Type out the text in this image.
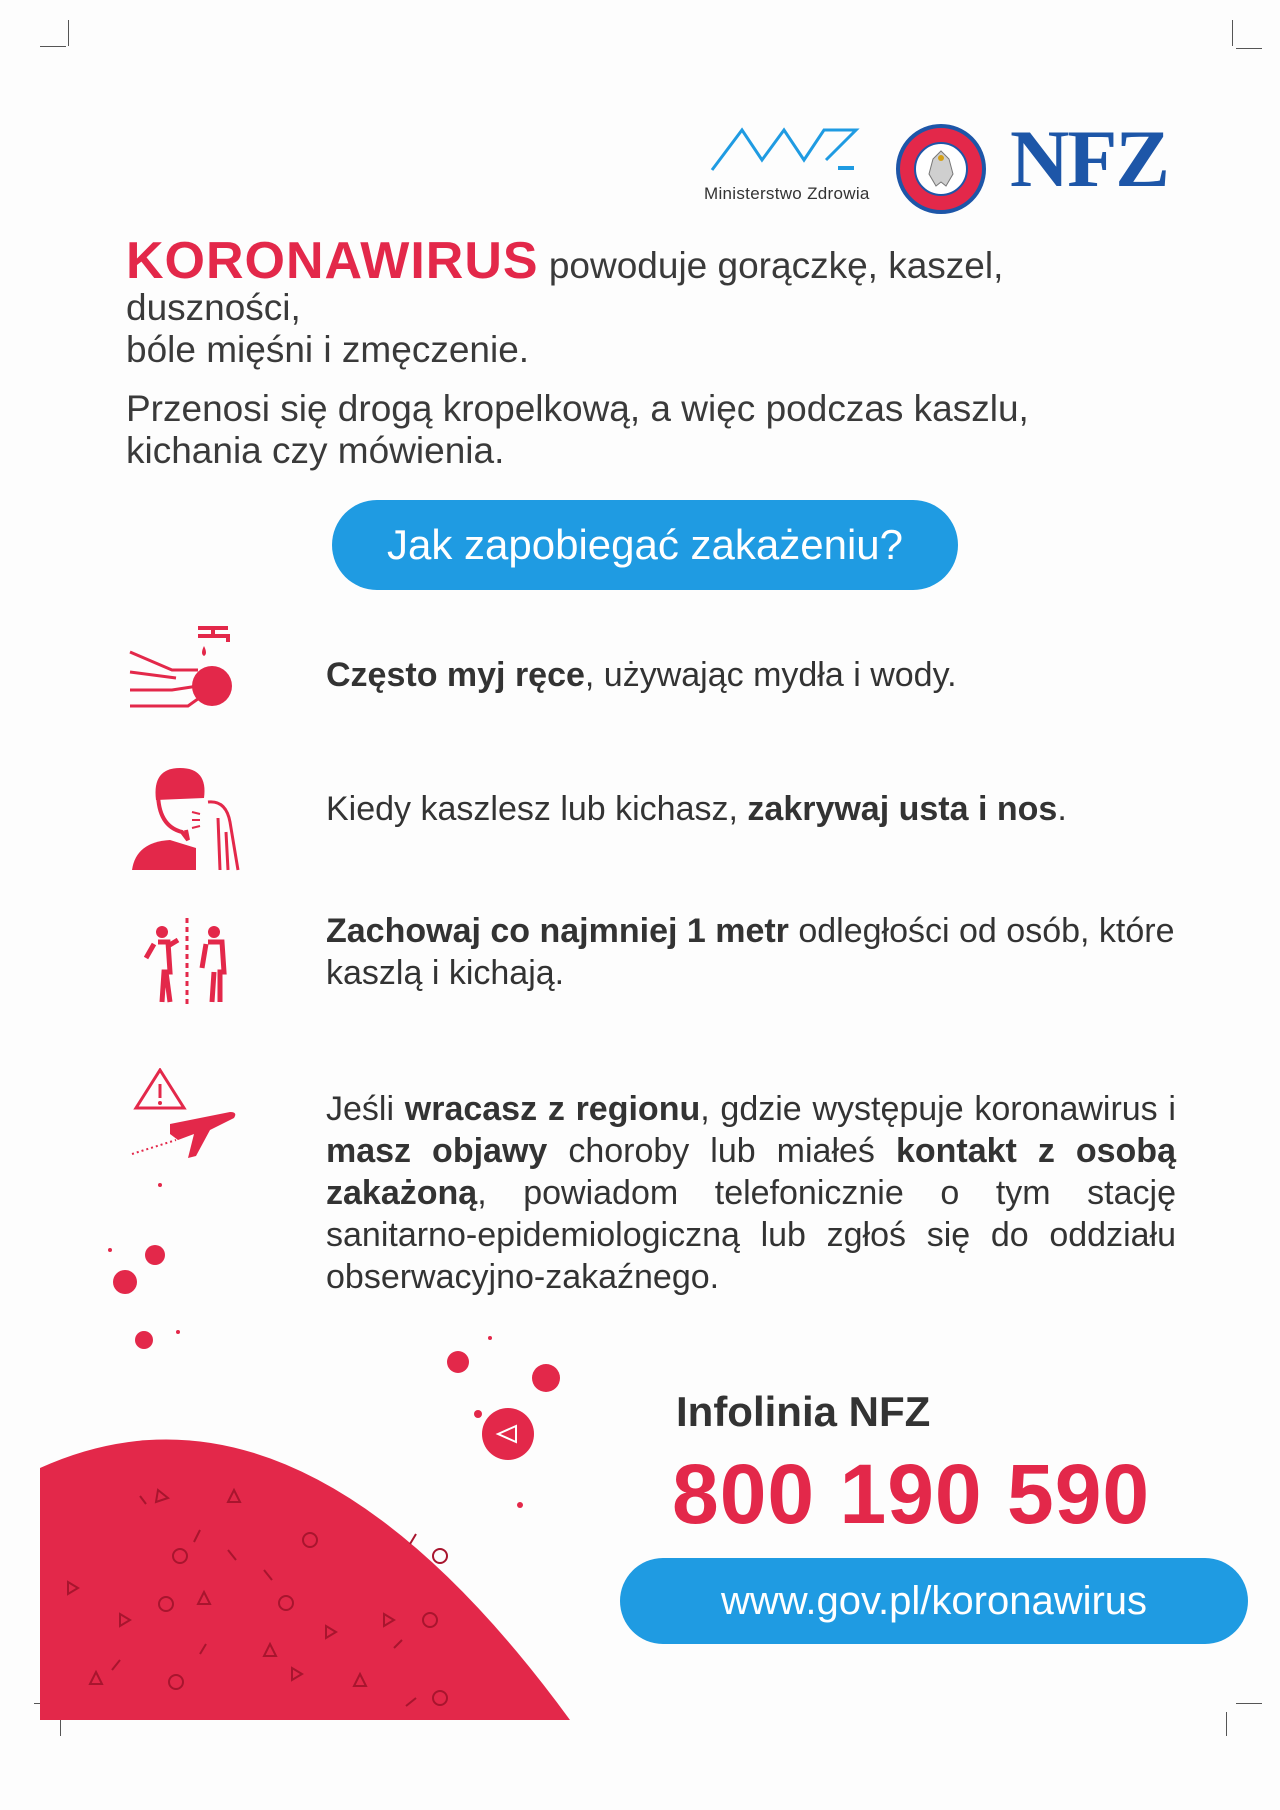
Ministerstwo Zdrowia NFZ
KORONAWIRUS powoduje gorączkę, kaszel, duszności,
bóle mięśni i zmęczenie.
Przenosi się drogą kropelkową, a więc podczas kaszlu, kichania czy mówienia.
Jak zapobiegać zakażeniu?
Często myj ręce, używając mydła i wody.
Kiedy kaszlesz lub kichasz, zakrywaj usta i nos.
Zachowaj co najmniej 1 metr odległości od osób, które kaszlą i kichają.
Jeśli wracasz z regionu, gdzie występuje koronawirus i masz objawy choroby lub miałeś kontakt z osobą zakażoną, powiadom telefonicznie o tym stację sanitarno-epidemiologiczną lub zgłoś się do oddziału obserwacyjno-zakaźnego.
Infolinia NFZ
800 190 590
www.gov.pl/koronawirus
